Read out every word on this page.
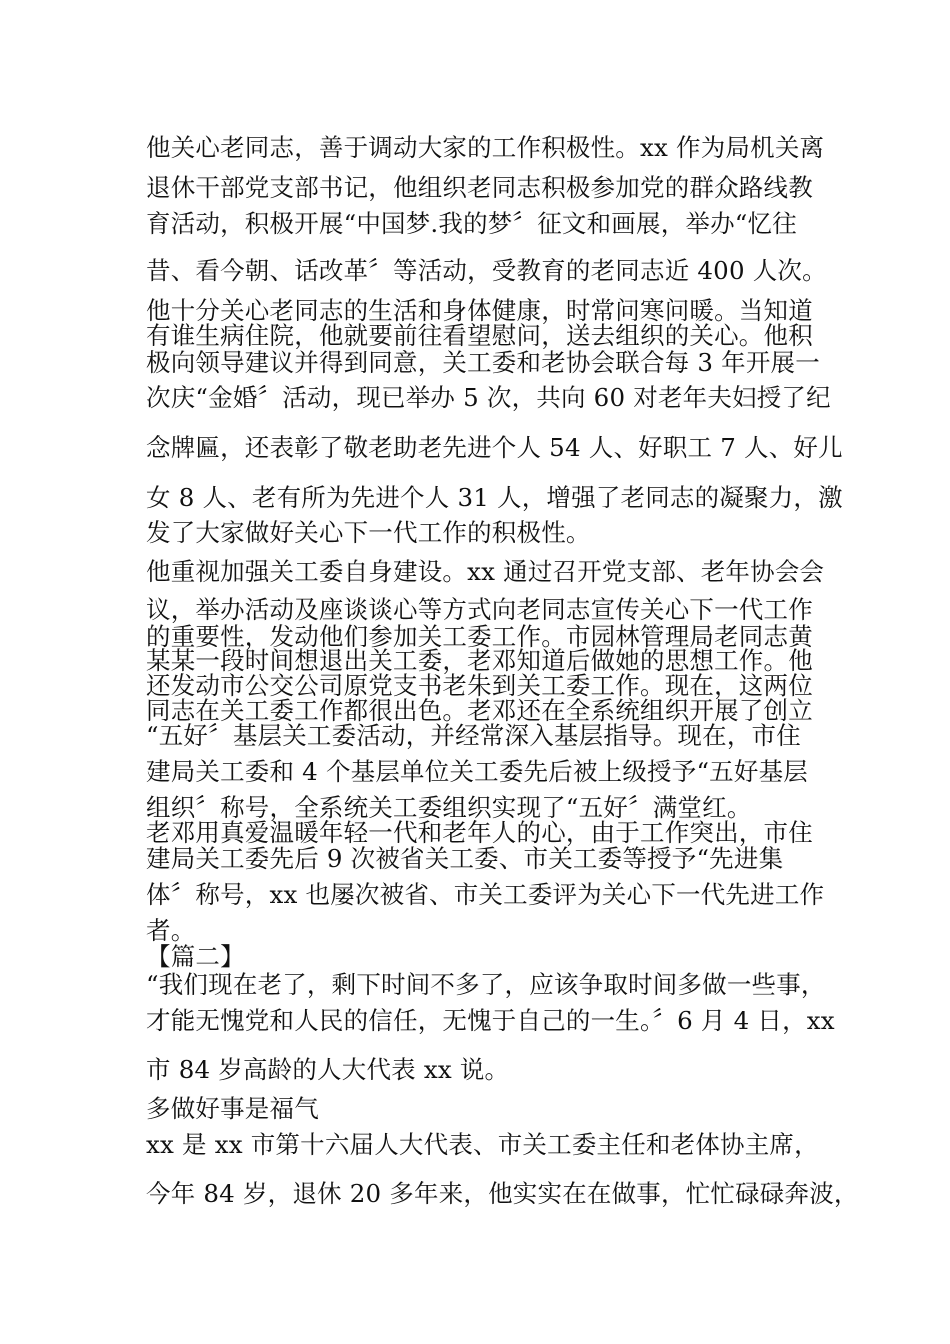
他关心老同志，善于调动大家的工作积极性。xx 作为局机关离
退休干部党支部书记，他组织老同志积极参加党的群众路线教
育活动，积极开展“中国梦.我的梦〞征文和画展，举办“忆往
昔、看今朝、话改革〞等活动，受教育的老同志近 400 人次。
他十分关心老同志的生活和身体健康，时常问寒问暖。当知道
有谁生病住院，他就要前往看望慰问，送去组织的关心。他积
极向领导建议并得到同意，关工委和老协会联合每 3 年开展一
次庆“金婚〞活动，现已举办 5 次，共向 60 对老年夫妇授了纪
念牌匾，还表彰了敬老助老先进个人 54 人、好职工 7 人、好儿
女 8 人、老有所为先进个人 31 人，增强了老同志的凝聚力，激
发了大家做好关心下一代工作的积极性。
他重视加强关工委自身建设。xx 通过召开党支部、老年协会会
议，举办活动及座谈谈心等方式向老同志宣传关心下一代工作
的重要性，发动他们参加关工委工作。市园林管理局老同志黄
某某一段时间想退出关工委，老邓知道后做她的思想工作。他
还发动市公交公司原党支书老朱到关工委工作。现在，这两位
同志在关工委工作都很出色。老邓还在全系统组织开展了创立
“五好〞基层关工委活动，并经常深入基层指导。现在，市住
建局关工委和 4 个基层单位关工委先后被上级授予“五好基层
组织〞称号，全系统关工委组织实现了“五好〞满堂红。
老邓用真爱温暖年轻一代和老年人的心，由于工作突出，市住
建局关工委先后 9 次被省关工委、市关工委等授予“先进集
体〞称号，xx 也屡次被省、市关工委评为关心下一代先进工作
者。
【篇二】
“我们现在老了，剩下时间不多了，应该争取时间多做一些事，
才能无愧党和人民的信任，无愧于自己的一生。〞6 月 4 日，xx
市 84 岁高龄的人大代表 xx 说。
多做好事是福气
xx 是 xx 市第十六届人大代表、市关工委主任和老体协主席，
今年 84 岁，退休 20 多年来，他实实在在做事，忙忙碌碌奔波，
